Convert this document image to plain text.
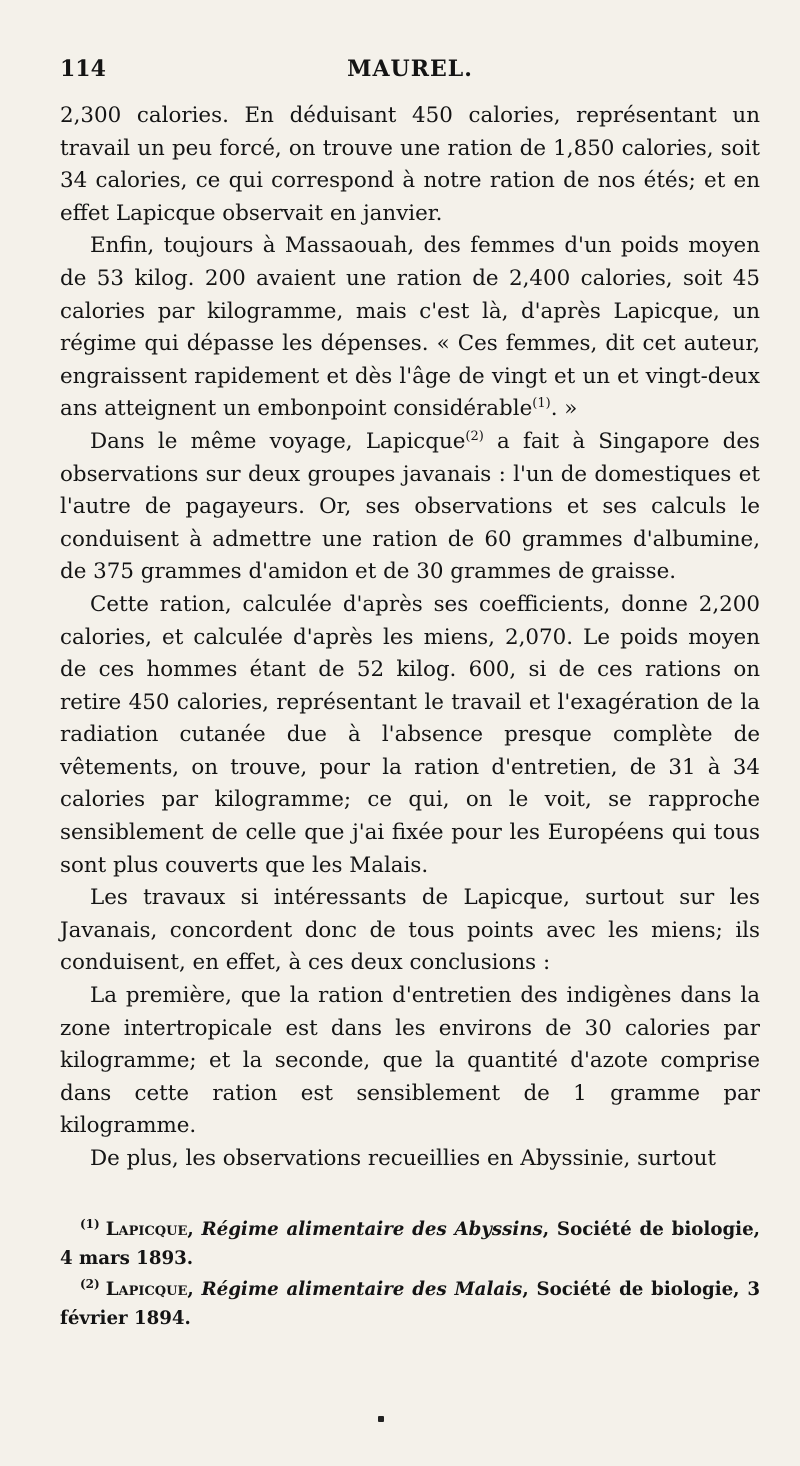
114	MAUREL.

2,300 calories. En déduisant 450 calories, représentant un travail un peu forcé, on trouve une ration de 1,850 calories, soit 34 calories, ce qui correspond à notre ration de nos étés; et en effet Lapicque observait en janvier.

Enfin, toujours à Massaouah, des femmes d'un poids moyen de 53 kilog. 200 avaient une ration de 2,400 calories, soit 45 calories par kilogramme, mais c'est là, d'après Lapicque, un régime qui dépasse les dépenses. « Ces femmes, dit cet auteur, engraissent rapidement et dès l'âge de vingt et un et vingt-deux ans atteignent un embonpoint considérable$^{(1)}$. »

Dans le même voyage, Lapicque$^{(2)}$ a fait à Singapore des observations sur deux groupes javanais : l'un de domestiques et l'autre de pagayeurs. Or, ses observations et ses calculs le conduisent à admettre une ration de 60 grammes d'albumine, de 375 grammes d'amidon et de 30 grammes de graisse.

Cette ration, calculée d'après ses coefficients, donne 2,200 calories, et calculée d'après les miens, 2,070. Le poids moyen de ces hommes étant de 52 kilog. 600, si de ces rations on retire 450 calories, représentant le travail et l'exagération de la radiation cutanée due à l'absence presque complète de vêtements, on trouve, pour la ration d'entretien, de 31 à 34 calories par kilogramme; ce qui, on le voit, se rapproche sensiblement de celle que j'ai fixée pour les Européens qui tous sont plus couverts que les Malais.

Les travaux si intéressants de Lapicque, surtout sur les Javanais, concordent donc de tous points avec les miens; ils conduisent, en effet, à ces deux conclusions :

La première, que la ration d'entretien des indigènes dans la zone intertropicale est dans les environs de 30 calories par kilogramme; et la seconde, que la quantité d'azote comprise dans cette ration est sensiblement de 1 gramme par kilogramme.

De plus, les observations recueillies en Abyssinie, surtout

$^{(1)}$ Lapicque, Régime alimentaire des Abyssins, Société de biologie, 4 mars 1893.

$^{(2)}$ Lapicque, Régime alimentaire des Malais, Société de biologie, 3 février 1894.
